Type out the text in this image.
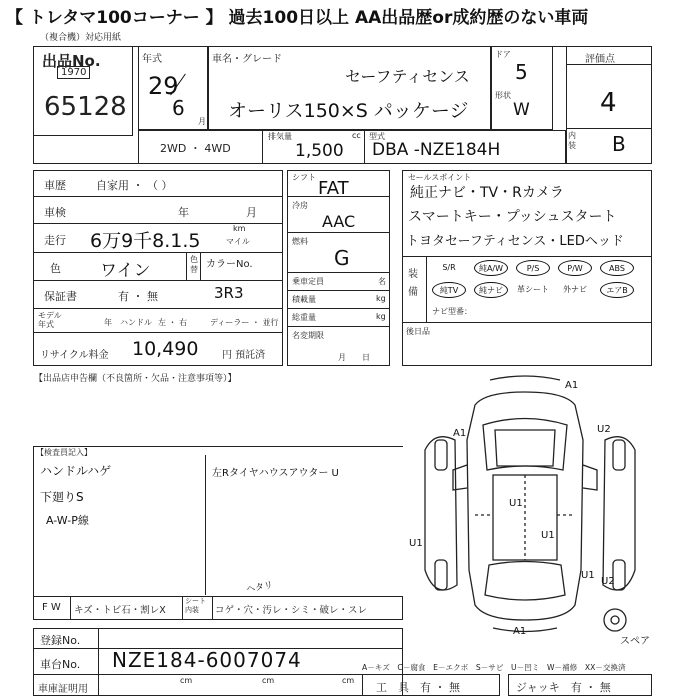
【 トレタマ100コーナー 】 過去100日以上 AA出品歴or成約歴のない車両
（複合機）対応用紙
出品No.
1970
65128
年式
29
6
月
車名・グレード
セーフティセンス
オーリス150×S パッケージ
ドア
5
形状
W
評価点
4
内装 B
2WD ・ 4WD
排気量	cc
1,500
型式
DBA -NZE184H
車歴	自家用 ・ （ ）
車検	年	月
走行 6万9千8.1.5
km
マイル
色 ワイン
色替 カラーNo.
保証書	有 ・ 無	3R3
モデル年式	年 ハンドル 左 ・ 右	ディーラー ・ 並行
リサイクル料金 10,490 円 預託済
シフト
FAT
冷房
AAC
燃料
G
乗車定員	名
積載量	kg
総重量	kg
名変期限
月　　日
セールスポイント
純正ナビ・TV・Rカメラ
スマートキー・プッシュスタート
トヨタセーフティセンス・LEDヘッド
装備
S/R	純A/W	P/S	P/W	ABS
純TV	純ナビ	革シート	外ナビ	エアB
ナビ型番：
後日品
【出品店申告欄（不良箇所・欠品・注意事項等）】
【検査員記入】
ハンドルハゲ
下廻りS
A-W-P線
左Rタイヤハウスアウター U
F W キズ・トビ石・割レX
シート内装	コゲ・穴・汚レ・シミ・破レ・スレ
ヘタリ
A1
A1	U2
U1
U1
U1
U2
U1
A1
スペア
登録No.
車台No. NZE184-6007074
車庫証明用
cm	cm	cm
A－キズ　C－腐食　E－エクボ　S－サビ　U－凹ミ　W－補修　XX－交換済
工　具　有 ・ 無	ジャッキ　有 ・ 無
